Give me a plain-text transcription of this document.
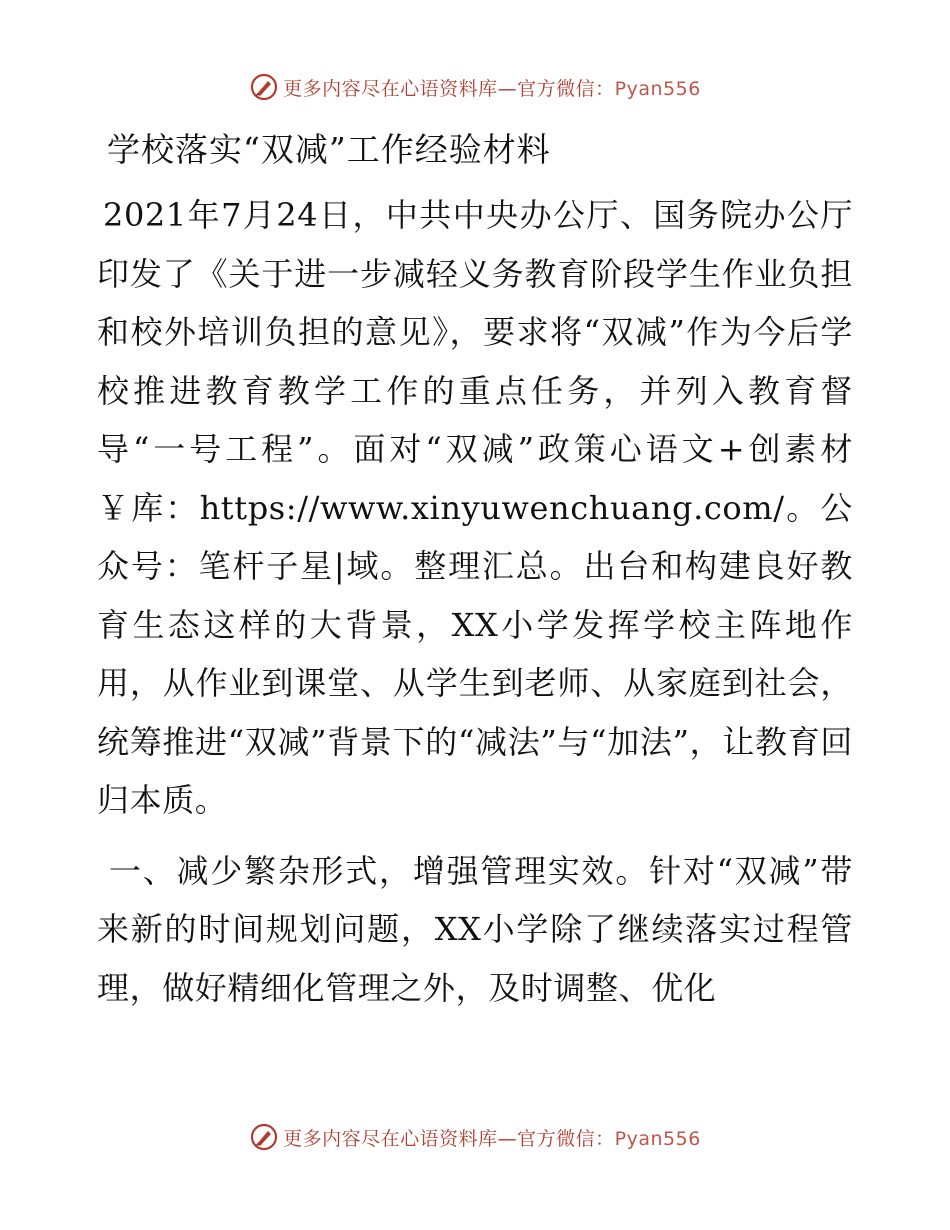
更多内容尽在心语资料库—官方微信：Pyan556
学校落实“双减”工作经验材料

2021年7月24日，中共中央办公厅、国务院办公厅印发了《关于进一步减轻义务教育阶段学生作业负担和校外培训负担的意见》，要求将“双减”作为今后学校推进教育教学工作的重点任务，并列入教育督导“一号工程”。面对“双减”政策心语文+创素材￥库：https://www.xinyuwenchuang.com/。公众号：笔杆子星|域。整理汇总。出台和构建良好教育生态这样的大背景，XX小学发挥学校主阵地作用，从作业到课堂、从学生到老师、从家庭到社会，统筹推进“双减”背景下的“减法”与“加法”，让教育回归本质。

一、减少繁杂形式，增强管理实效。针对“双减”带来新的时间规划问题，XX小学除了继续落实过程管理，做好精细化管理之外，及时调整、优化

更多内容尽在心语资料库—官方微信：Pyan556
